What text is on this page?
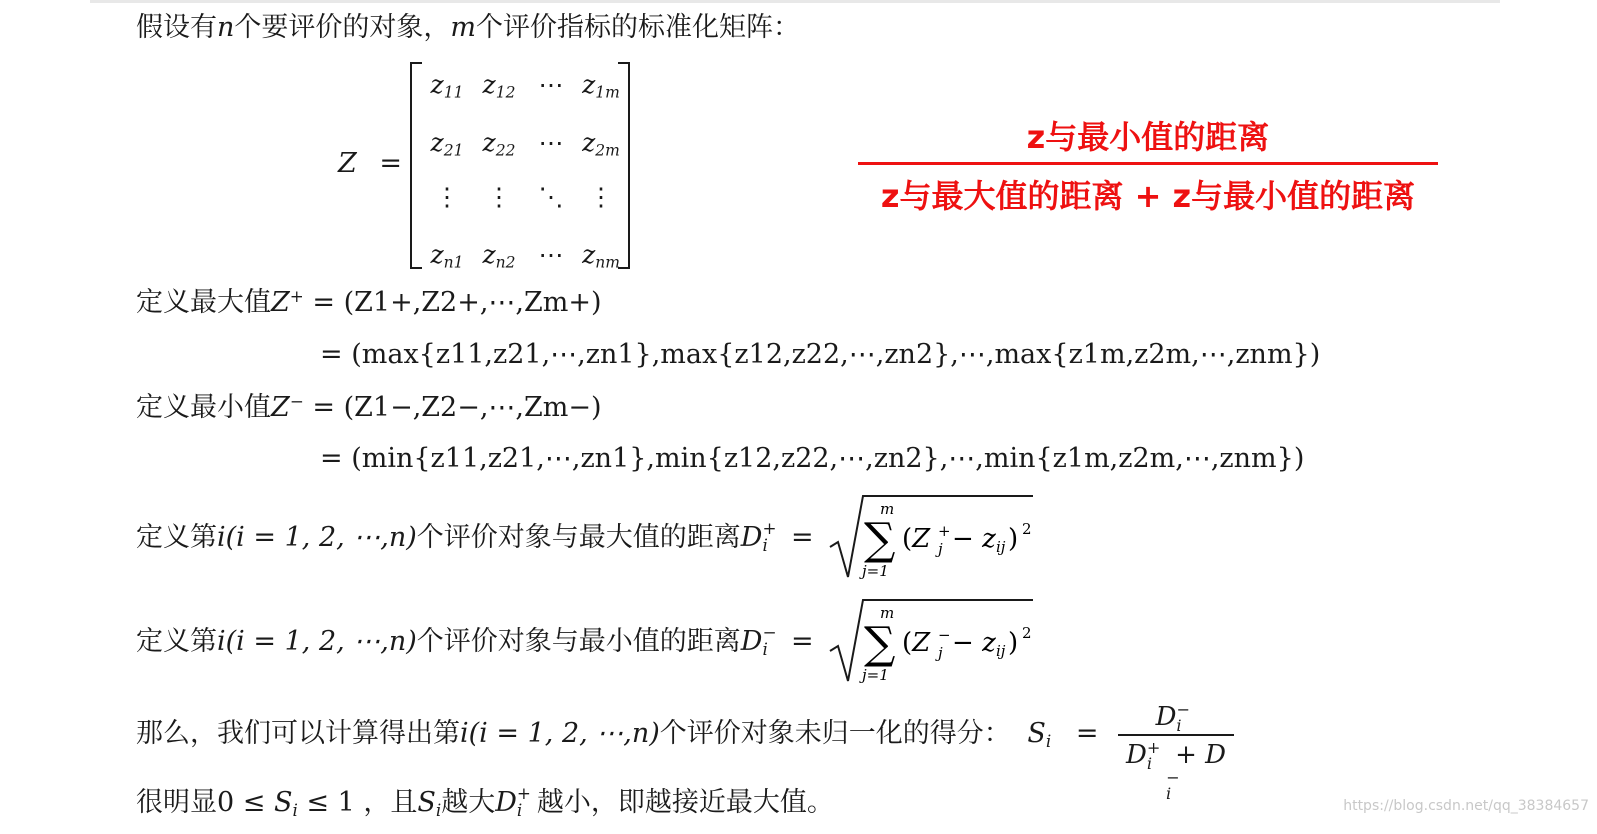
假设有n个要评价的对象，m个评价指标的标准化矩阵：
Z =
$z_{11}$ $z_{12}$ ⋯ $z_{1m}$
$z_{21}$ $z_{22}$ ⋯ $z_{2m}$
⋮	⋮	⋱	⋮
$z_{n1}$ $z_{n2}$ ⋯ $z_{nm}$
z与最小值的距离
z与最大值的距离 + z与最小值的距离
定义最大值Z+ = (Z1+,Z2+,⋯,Zm+)
= (max{z11,z21,⋯,zn1},max{z12,z22,⋯,zn2},⋯,max{z1m,z2m,⋯,znm})
定义最小值Z− = (Z1−,Z2−,⋯,Zm−)
= (min{z11,z21,⋯,zn1},min{z12,z22,⋯,zn2},⋯,min{z1m,z2m,⋯,znm})
定义第i(i = 1, 2, ⋯,n)个评价对象与最大值的距离D +
i =
m
∑
j=1
(Z +
j − z ij ) 2
定义第i(i = 1, 2, ⋯,n)个评价对象与最小值的距离D −
i =
m
∑
j=1
(Z −
j − z ij ) 2
那么，我们可以计算得出第i(i = 1, 2, ⋯,n)个评价对象未归一化的得分： $S_i = D$ −
i
D +
i + D
−
i
很明显$0 \le S_i \le 1$ ，且$S_i$越大D +
i 越小，即越接近最大值。	https://blog.csdn.net/qq_38384657
